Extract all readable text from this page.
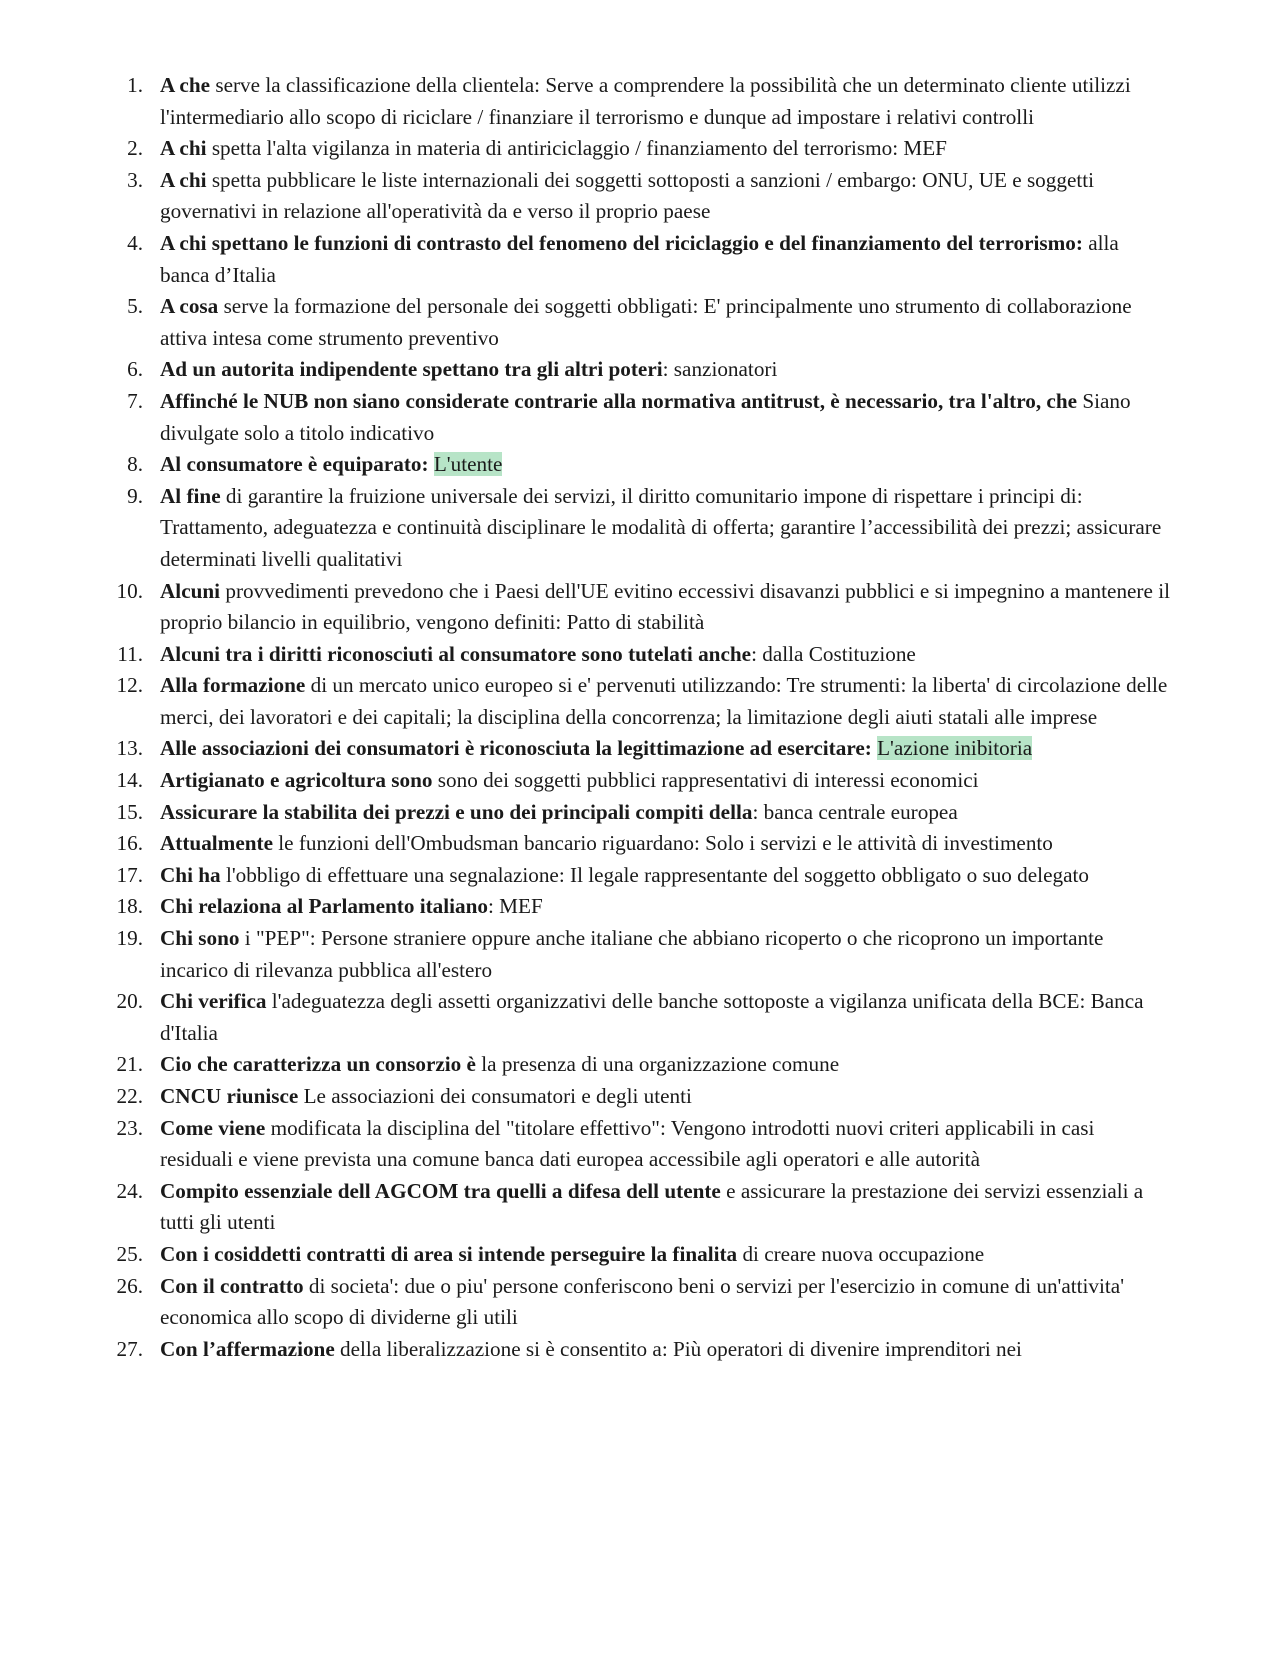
1. A che serve la classificazione della clientela: Serve a comprendere la possibilità che un determinato cliente utilizzi l'intermediario allo scopo di riciclare / finanziare il terrorismo e dunque ad impostare i relativi controlli
2. A chi spetta l'alta vigilanza in materia di antiriciclaggio / finanziamento del terrorismo: MEF
3. A chi spetta pubblicare le liste internazionali dei soggetti sottoposti a sanzioni / embargo: ONU, UE e soggetti governativi in relazione all'operatività da e verso il proprio paese
4. A chi spettano le funzioni di contrasto del fenomeno del riciclaggio e del finanziamento del terrorismo: alla banca d’Italia
5. A cosa serve la formazione del personale dei soggetti obbligati: E' principalmente uno strumento di collaborazione attiva intesa come strumento preventivo
6. Ad un autorita indipendente spettano tra gli altri poteri: sanzionatori
7. Affinché le NUB non siano considerate contrarie alla normativa antitrust, è necessario, tra l'altro, che Siano divulgate solo a titolo indicativo
8. Al consumatore è equiparato: L'utente
9. Al fine di garantire la fruizione universale dei servizi, il diritto comunitario impone di rispettare i principi di: Trattamento, adeguatezza e continuità disciplinare le modalità di offerta; garantire l’accessibilità dei prezzi; assicurare determinati livelli qualitativi
10. Alcuni provvedimenti prevedono che i Paesi dell'UE evitino eccessivi disavanzi pubblici e si impegnino a mantenere il proprio bilancio in equilibrio, vengono definiti: Patto di stabilità
11. Alcuni tra i diritti riconosciuti al consumatore sono tutelati anche: dalla Costituzione
12. Alla formazione di un mercato unico europeo si e' pervenuti utilizzando: Tre strumenti: la liberta' di circolazione delle merci, dei lavoratori e dei capitali; la disciplina della concorrenza; la limitazione degli aiuti statali alle imprese
13. Alle associazioni dei consumatori è riconosciuta la legittimazione ad esercitare: L'azione inibitoria
14. Artigianato e agricoltura sono sono dei soggetti pubblici rappresentativi di interessi economici
15. Assicurare la stabilita dei prezzi e uno dei principali compiti della: banca centrale europea
16. Attualmente le funzioni dell'Ombudsman bancario riguardano: Solo i servizi e le attività di investimento
17. Chi ha l'obbligo di effettuare una segnalazione: Il legale rappresentante del soggetto obbligato o suo delegato
18. Chi relaziona al Parlamento italiano: MEF
19. Chi sono i "PEP": Persone straniere oppure anche italiane che abbiano ricoperto o che ricoprono un importante incarico di rilevanza pubblica all'estero
20. Chi verifica l'adeguatezza degli assetti organizzativi delle banche sottoposte a vigilanza unificata della BCE: Banca d'Italia
21. Cio che caratterizza un consorzio è la presenza di una organizzazione comune
22. CNCU riunisce Le associazioni dei consumatori e degli utenti
23. Come viene modificata la disciplina del "titolare effettivo": Vengono introdotti nuovi criteri applicabili in casi residuali e viene prevista una comune banca dati europea accessibile agli operatori e alle autorità
24. Compito essenziale dell AGCOM tra quelli a difesa dell utente e assicurare la prestazione dei servizi essenziali a tutti gli utenti
25. Con i cosiddetti contratti di area si intende perseguire la finalita di creare nuova occupazione
26. Con il contratto di societa': due o piu' persone conferiscono beni o servizi per l'esercizio in comune di un'attivita' economica allo scopo di dividerne gli utili
27. Con l’affermazione della liberalizzazione si è consentito a: Più operatori di divenire imprenditori nei
